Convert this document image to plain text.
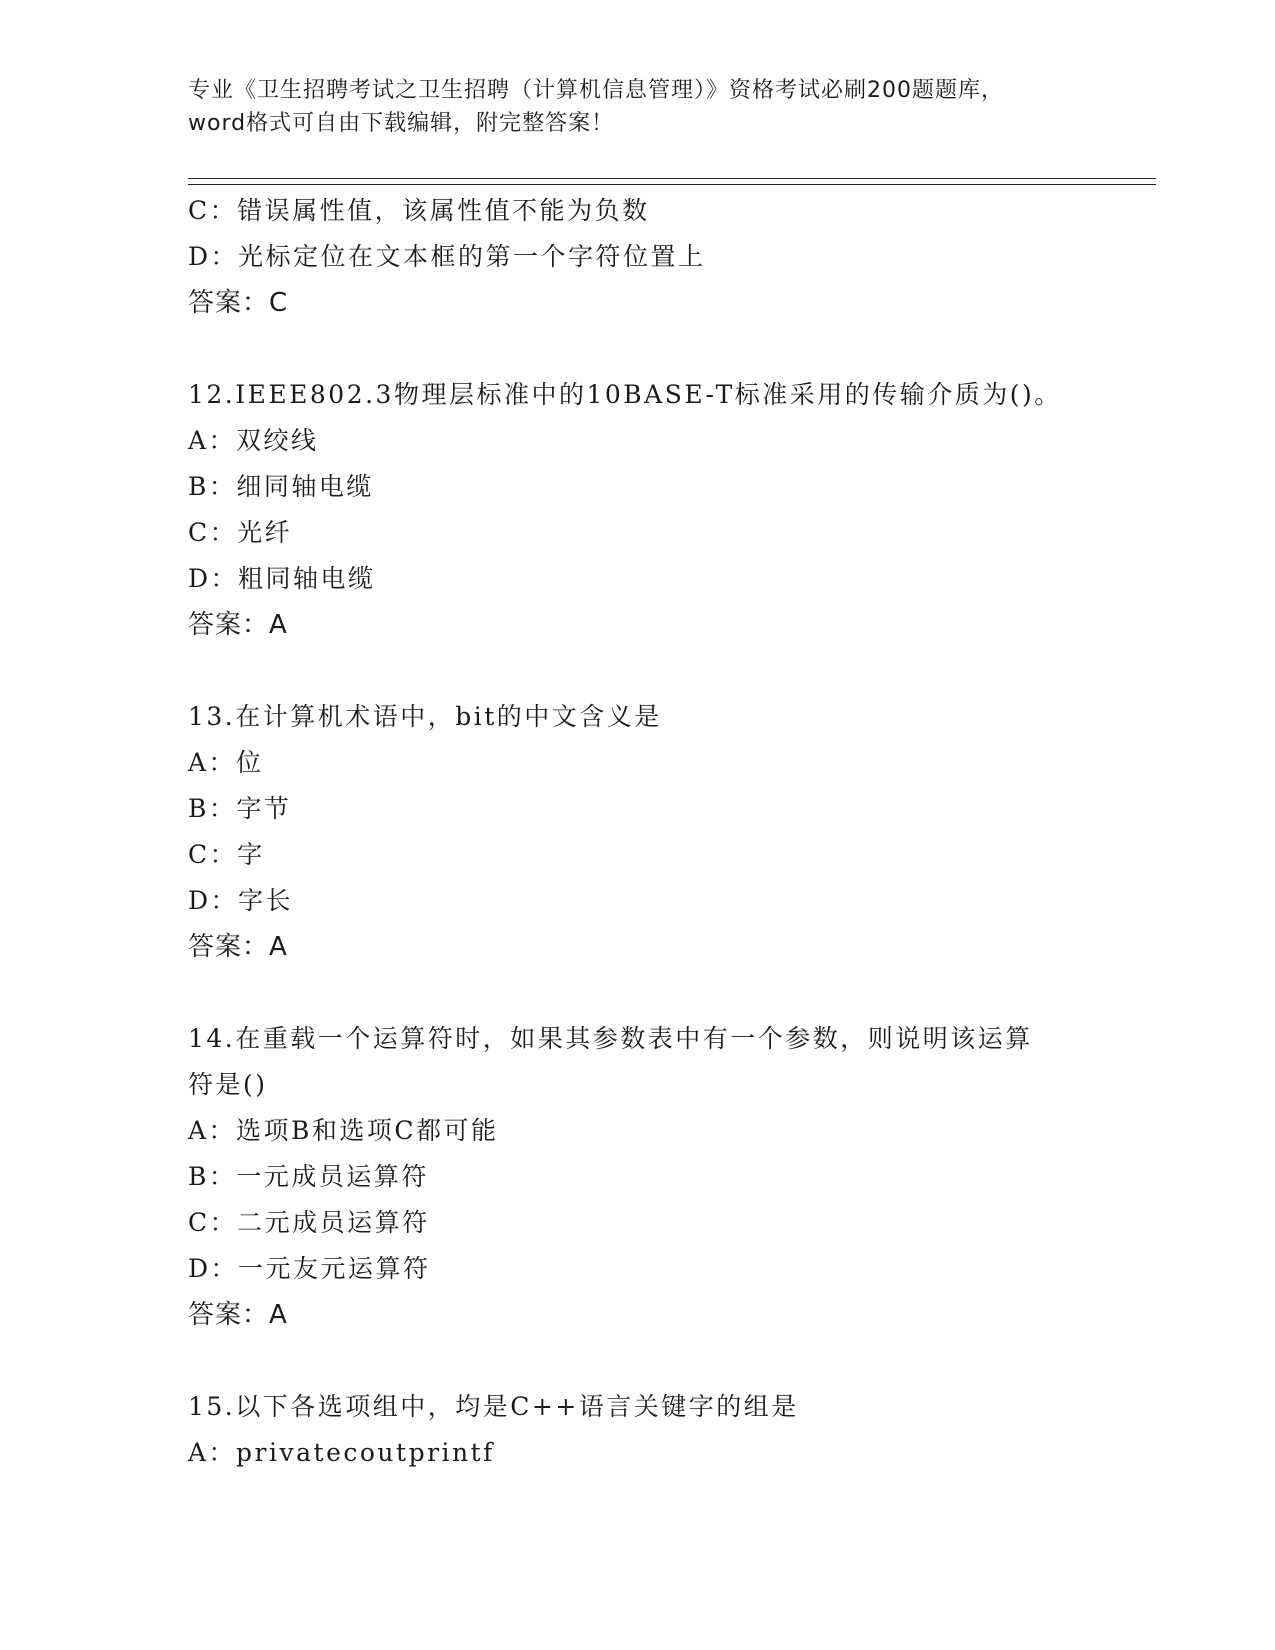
专业《卫生招聘考试之卫生招聘（计算机信息管理）》资格考试必刷200题题库，
word格式可自由下载编辑，附完整答案！
C：错误属性值，该属性值不能为负数
D：光标定位在文本框的第一个字符位置上
答案：C
12.IEEE802.3物理层标准中的10BASE-T标准采用的传输介质为()。
A：双绞线
B：细同轴电缆
C：光纤
D：粗同轴电缆
答案：A
13.在计算机术语中，bit的中文含义是
A：位
B：字节
C：字
D：字长
答案：A
14.在重载一个运算符时，如果其参数表中有一个参数，则说明该运算
符是()
A：选项B和选项C都可能
B：一元成员运算符
C：二元成员运算符
D：一元友元运算符
答案：A
15.以下各选项组中，均是C++语言关键字的组是
A：privatecoutprintf
